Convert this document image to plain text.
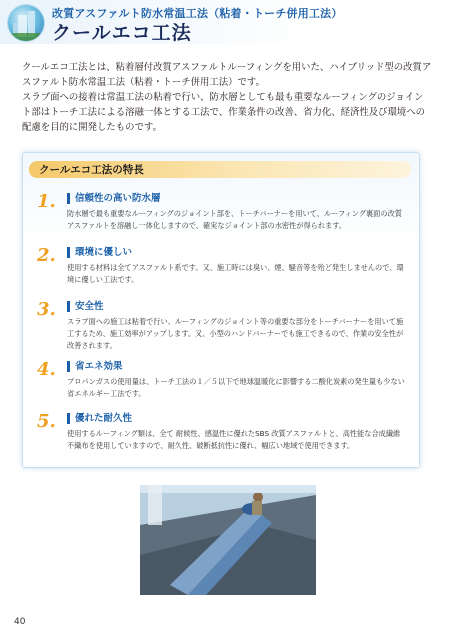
改質アスファルト防水常温工法（粘着・トーチ併用工法）
クールエコ工法

クールエコ工法とは、粘着層付改質アスファルトルーフィングを用いた、ハイブリッド型の改質アスファルト防水常温工法（粘着・トーチ併用工法）です。

スラブ面への接着は常温工法の粘着で行い、防水層としても最も重要なルーフィングのジョイント部はトーチ工法による溶融一体とする工法で、作業条件の改善、省力化、経済性及び環境への配慮を目的に開発したものです。

クールエコ工法の特長
1.	信頼性の高い防水層
防水層で最も重要なルーフィングのジョイント部を、トーチバーナーを用いて、ルーフィング裏面の改質アスファルトを溶融し一体化しますので、確実なジョイント部の水密性が得られます。
2.	環境に優しい
使用する材料は全てアスファルト系です。又、施工時には臭い、煙、騒音等を殆ど発生しませんので、環境に優しい工法です。
3.	安全性
スラブ面への施工は粘着で行い、ルーフィングのジョイント等の重要な部分をトーチバーナーを用いて施工するため、施工効率がアップします。又、小型のハンドバーナーでも施工できるので、作業の安全性が改善されます。
4.	省エネ効果
プロパンガスの使用量は、トーチ工法の１／５以下で地球温暖化に影響する二酸化炭素の発生量も少ない省エネルギー工法です。
5.	優れた耐久性
使用するルーフィング類は、全て 耐候性、感温性に優れたSBS 改質アスファルトと、高性能な合成繊維不織布を使用していますので、耐久性、破断抵抗性に優れ、幅広い地域で使用できます。
40
